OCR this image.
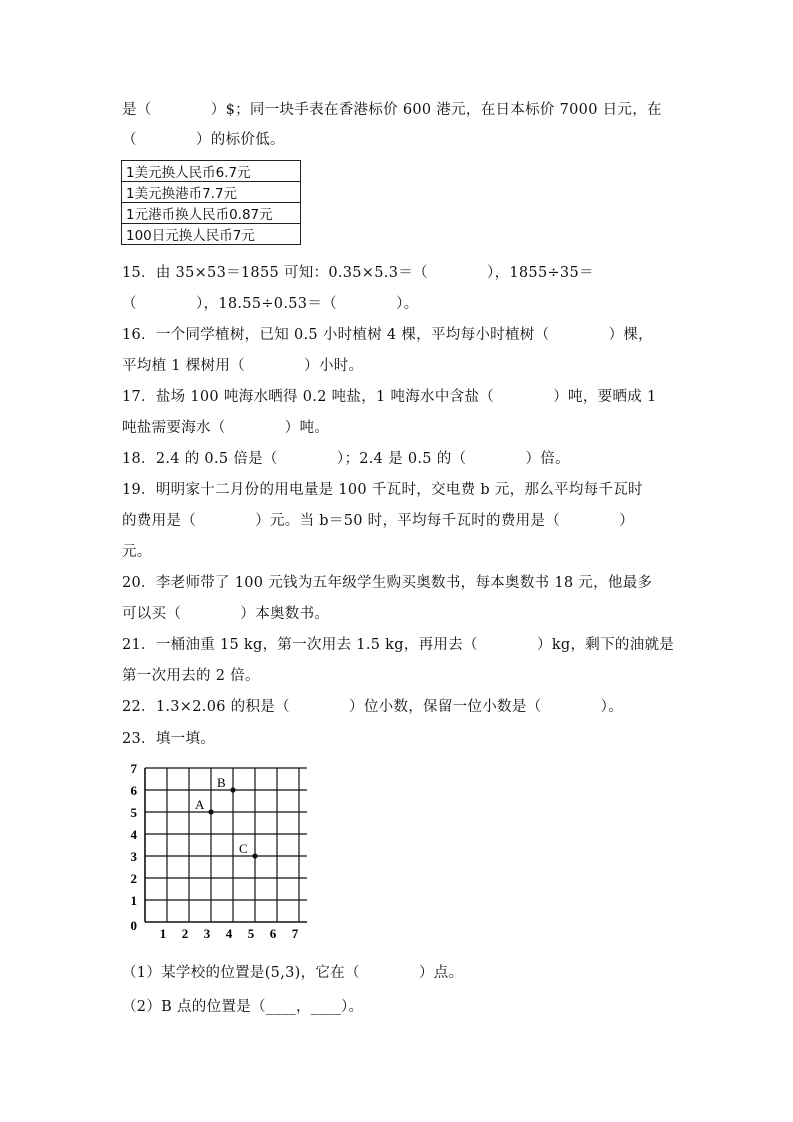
是（　　　　）$；同一块手表在香港标价 600 港元，在日本标价 7000 日元，在
（　　　　）的标价低。
1美元换人民币6.7元
1美元换港币7.7元
1元港币换人民币0.87元
100日元换人民币7元
15．由 35×53＝1855 可知：0.35×5.3＝（　　　　），1855÷35＝
（　　　　），18.55÷0.53＝（　　　　）。
16．一个同学植树，已知 0.5 小时植树 4 棵，平均每小时植树（　　　　）棵，
平均植 1 棵树用（　　　　）小时。
17．盐场 100 吨海水晒得 0.2 吨盐，1 吨海水中含盐（　　　　）吨，要晒成 1
吨盐需要海水（　　　　）吨。
18．2.4 的 0.5 倍是（　　　　）；2.4 是 0.5 的（　　　　）倍。
19．明明家十二月份的用电量是 100 千瓦时，交电费 b 元，那么平均每千瓦时
的费用是（　　　　）元。当 b＝50 时，平均每千瓦时的费用是（　　　　）
元。
20．李老师带了 100 元钱为五年级学生购买奥数书，每本奥数书 18 元，他最多
可以买（　　　　）本奥数书。
21．一桶油重 15 kg，第一次用去 1.5 kg，再用去（　　　　）kg，剩下的油就是
第一次用去的 2 倍。
22．1.3×2.06 的积是（　　　　）位小数，保留一位小数是（　　　　）。
23．填一填。
1 2 3 4 5 6 7
1
2
3
4
5
6
7
0
A
B
C
（1）某学校的位置是(5,3)，它在（　　　　）点。
（2）B 点的位置是（____，____）。
